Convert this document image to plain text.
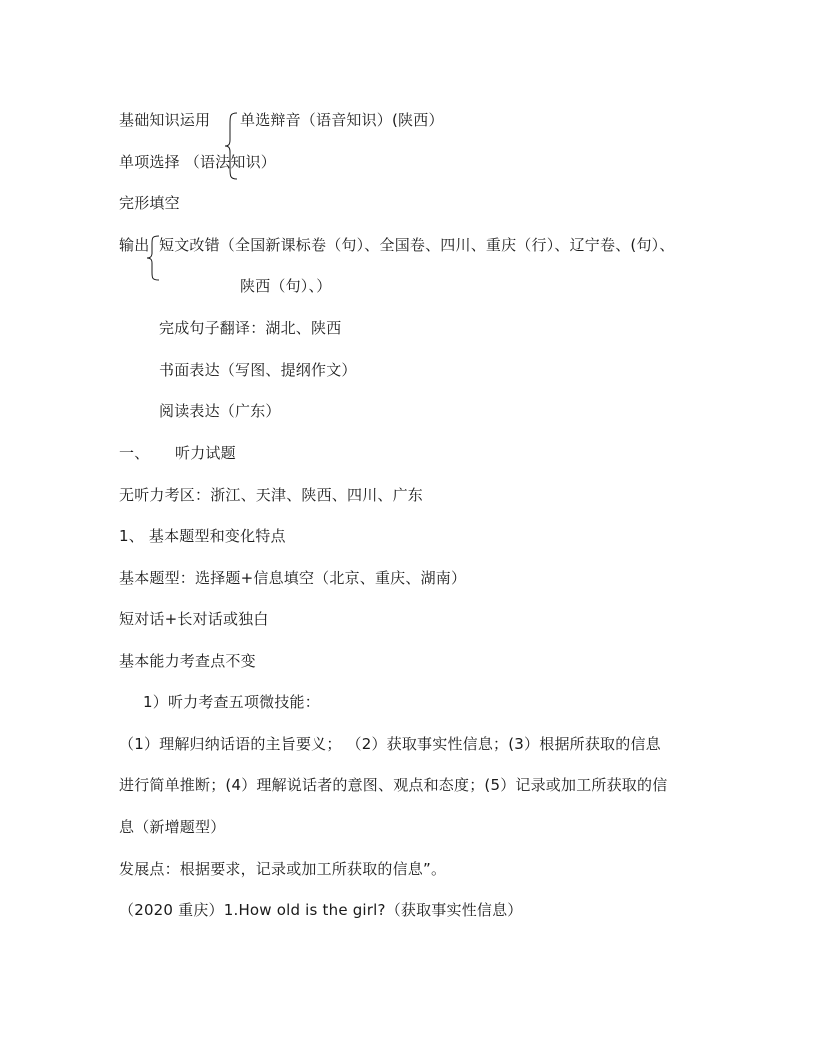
基础知识运用 单选辩音（语音知识）(陕西）
单项选择 （语法知识）
完形填空
输出 短文改错（全国新课标卷（句）、全国卷、四川、重庆（行）、辽宁卷、(句）、
陕西（句）、）
完成句子翻译：湖北、陕西
书面表达（写图、提纲作文）
阅读表达（广东）
一、 听力试题
无听力考区：浙江、天津、陕西、四川、广东
1、 基本题型和变化特点
基本题型：选择题+信息填空（北京、重庆、湖南）
短对话+长对话或独白
基本能力考查点不变
1）听力考查五项微技能：
（1）理解归纳话语的主旨要义； （2）获取事实性信息；(3）根据所获取的信息
进行简单推断；(4）理解说话者的意图、观点和态度；(5）记录或加工所获取的信
息（新增题型）
发展点：根据要求，记录或加工所获取的信息”。
（2020 重庆）1.How old is the girl?（获取事实性信息）
